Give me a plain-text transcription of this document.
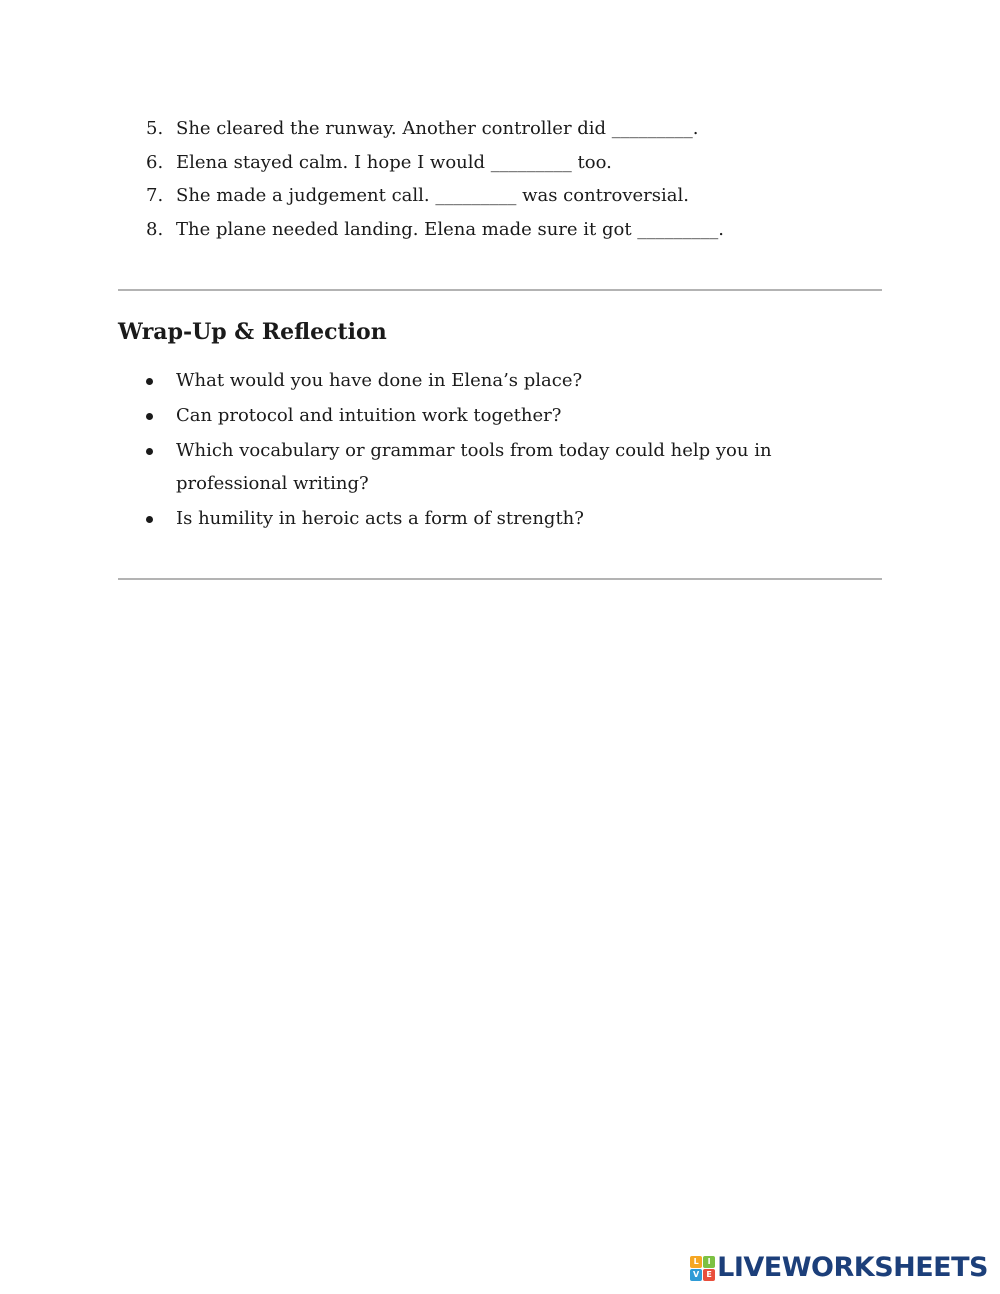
5. She cleared the runway. Another controller did _________.
6. Elena stayed calm. I hope I would _________ too.
7. She made a judgement call. _________ was controversial.
8. The plane needed landing. Elena made sure it got _________.
Wrap-Up & Reflection
What would you have done in Elena’s place?
Can protocol and intuition work together?
Which vocabulary or grammar tools from today could help you in professional writing?
Is humility in heroic acts a form of strength?
L	I
V E LIVEWORKSHEETS
